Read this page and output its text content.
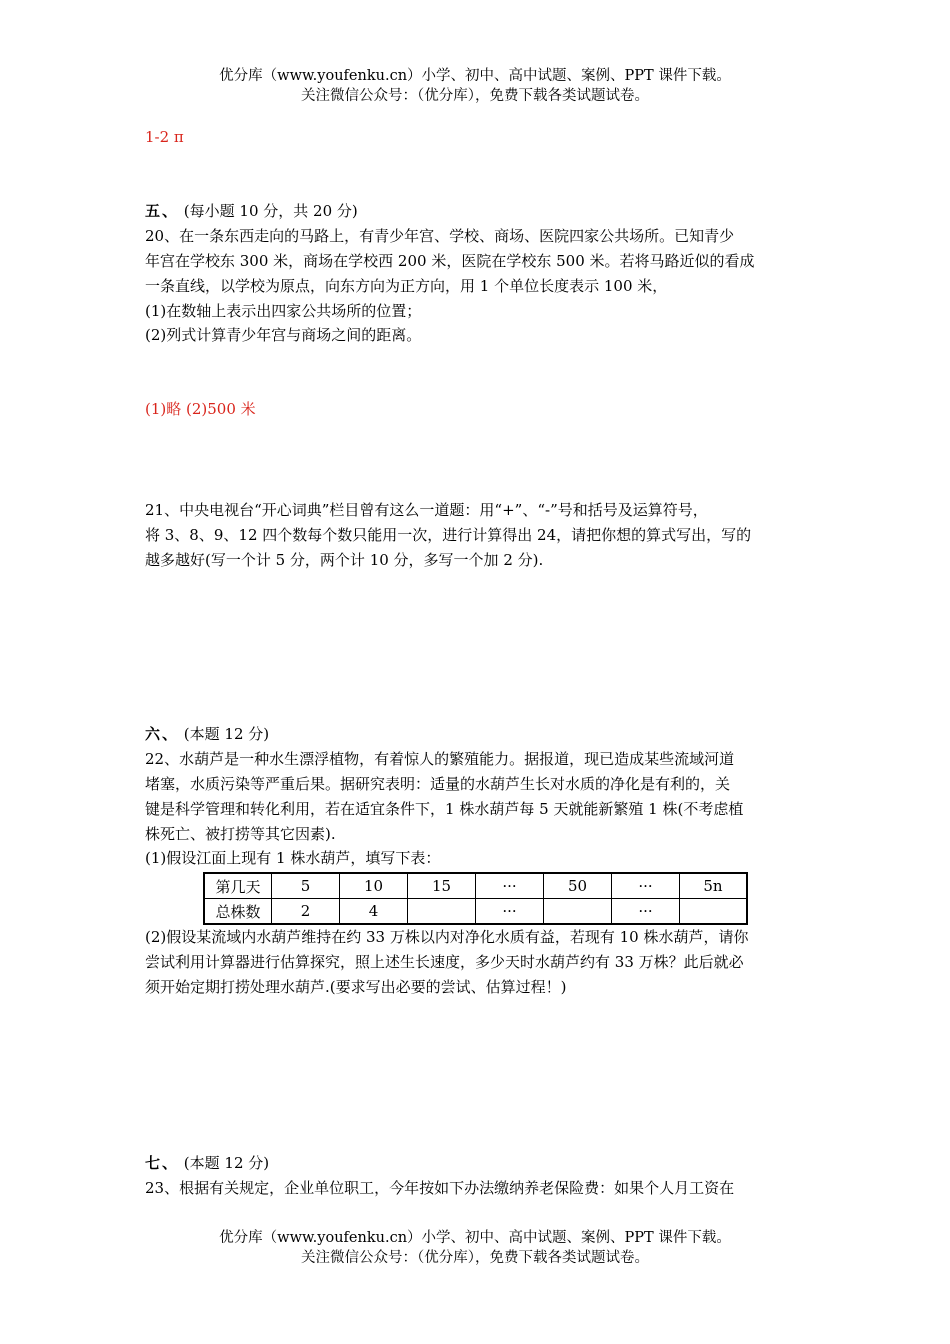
优分库（www.youfenku.cn）小学、初中、高中试题、案例、PPT 课件下载。
关注微信公众号：（优分库），免费下载各类试题试卷。
1-2 π
五、 (每小题 10 分，共 20 分)
20、在一条东西走向的马路上，有青少年宫、学校、商场、医院四家公共场所。已知青少
年宫在学校东 300 米，商场在学校西 200 米，医院在学校东 500 米。若将马路近似的看成
一条直线，以学校为原点，向东方向为正方向，用 1 个单位长度表示 100 米，
(1)在数轴上表示出四家公共场所的位置；
(2)列式计算青少年宫与商场之间的距离。
(1)略 (2)500 米
21、中央电视台“开心词典”栏目曾有这么一道题：用“+”、“-”号和括号及运算符号，
将 3、8、9、12 四个数每个数只能用一次，进行计算得出 24，请把你想的算式写出，写的
越多越好(写一个计 5 分，两个计 10 分，多写一个加 2 分).
六、 (本题 12 分)
22、水葫芦是一种水生漂浮植物，有着惊人的繁殖能力。据报道，现已造成某些流域河道
堵塞，水质污染等严重后果。据研究表明：适量的水葫芦生长对水质的净化是有利的，关
键是科学管理和转化利用，若在适宜条件下，1 株水葫芦每 5 天就能新繁殖 1 株(不考虑植
株死亡、被打捞等其它因素).
(1)假设江面上现有 1 株水葫芦，填写下表：
第几天	5	10	15	···	50	···	5n
总株数	2	4		···		···	
(2)假设某流域内水葫芦维持在约 33 万株以内对净化水质有益，若现有 10 株水葫芦，请你
尝试利用计算器进行估算探究，照上述生长速度，多少天时水葫芦约有 33 万株？此后就必
须开始定期打捞处理水葫芦.(要求写出必要的尝试、估算过程！)
七、 (本题 12 分)
23、根据有关规定，企业单位职工，今年按如下办法缴纳养老保险费：如果个人月工资在
优分库（www.youfenku.cn）小学、初中、高中试题、案例、PPT 课件下载。
关注微信公众号：（优分库），免费下载各类试题试卷。
